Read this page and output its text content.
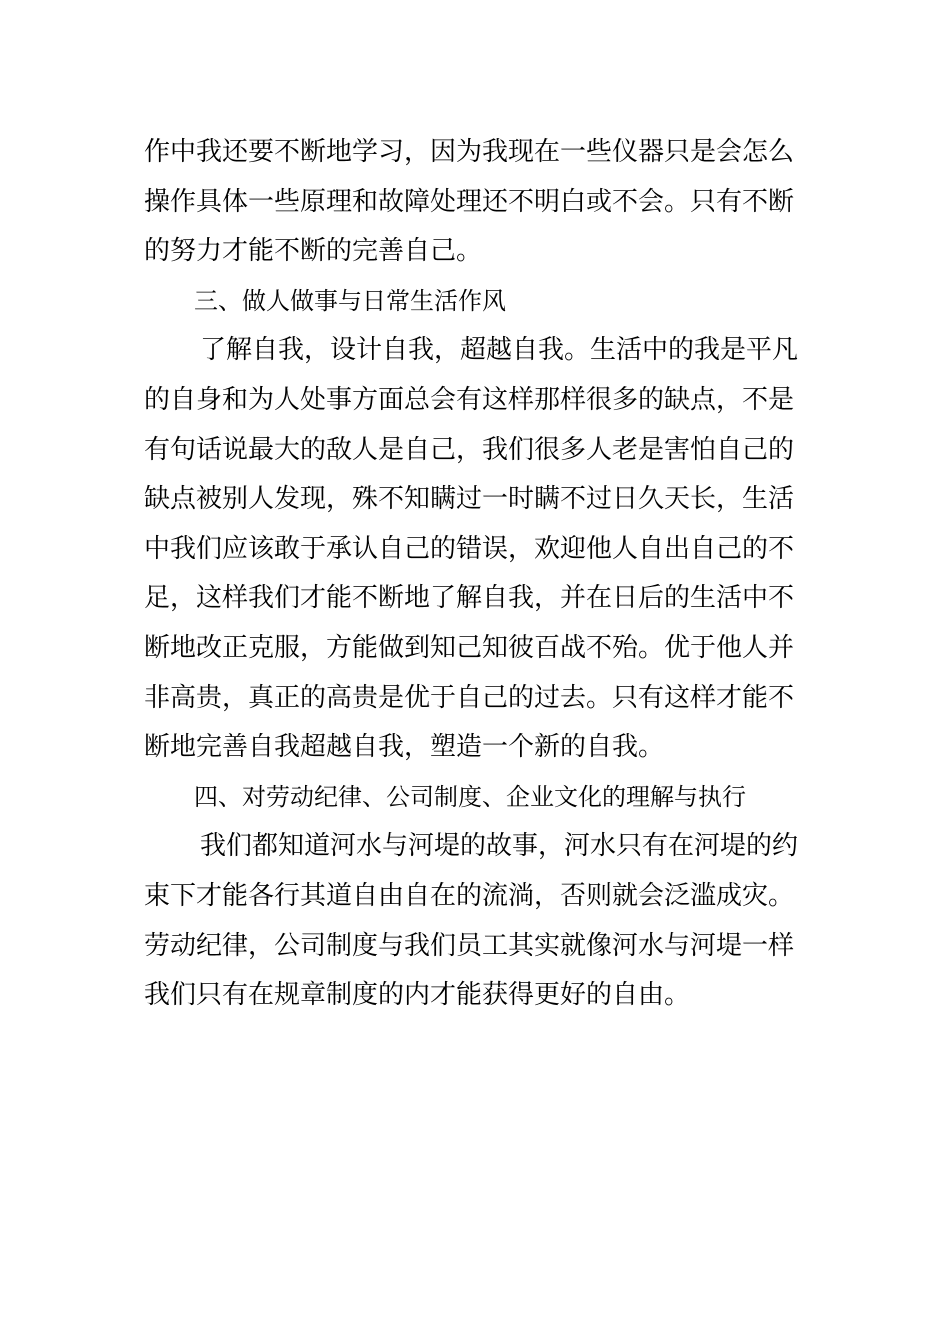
作中我还要不断地学习，因为我现在一些仪器只是会怎么
操作具体一些原理和故障处理还不明白或不会。只有不断
的努力才能不断的完善自己。
三、做人做事与日常生活作风
了解自我，设计自我，超越自我。生活中的我是平凡
的自身和为人处事方面总会有这样那样很多的缺点，不是
有句话说最大的敌人是自己，我们很多人老是害怕自己的
缺点被别人发现，殊不知瞒过一时瞒不过日久天长，生活
中我们应该敢于承认自己的错误，欢迎他人自出自己的不
足，这样我们才能不断地了解自我，并在日后的生活中不
断地改正克服，方能做到知己知彼百战不殆。优于他人并
非高贵，真正的高贵是优于自己的过去。只有这样才能不
断地完善自我超越自我，塑造一个新的自我。
四、对劳动纪律、公司制度、企业文化的理解与执行
我们都知道河水与河堤的故事，河水只有在河堤的约
束下才能各行其道自由自在的流淌，否则就会泛滥成灾。
劳动纪律，公司制度与我们员工其实就像河水与河堤一样
我们只有在规章制度的内才能获得更好的自由。
